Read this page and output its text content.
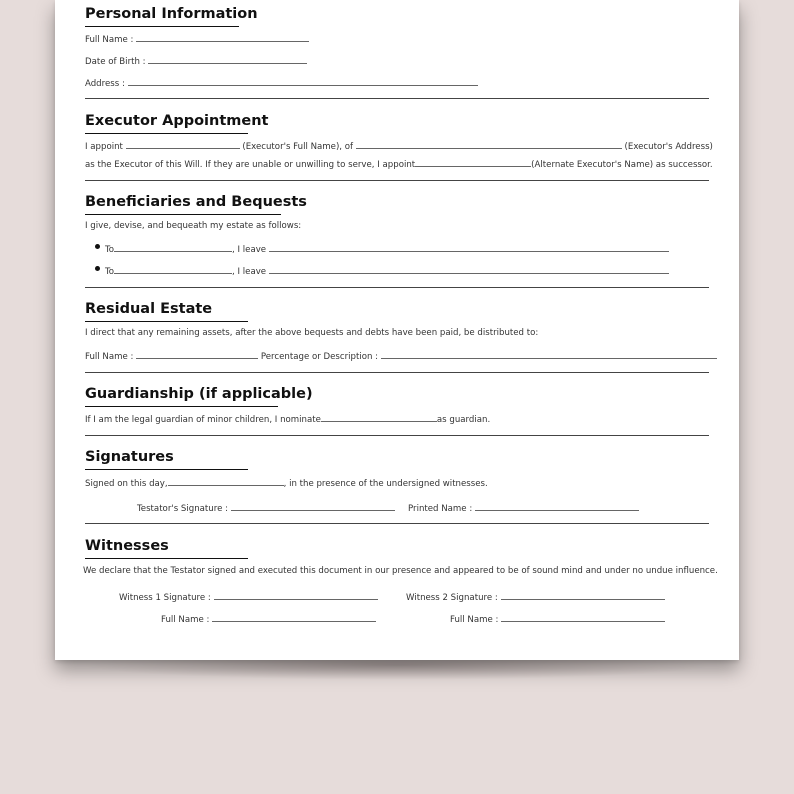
Personal Information
Full Name :
Date of Birth :
Address :
Executor Appointment
I appoint	(Executor's Full Name), of	(Executor's Address)
as the Executor of this Will. If they are unable or unwilling to serve, I appoint	(Alternate Executor's Name) as successor.
Beneficiaries and Bequests
I give, devise, and bequeath my estate as follows:
To	, I leave
To	, I leave
Residual Estate
I direct that any remaining assets, after the above bequests and debts have been paid, be distributed to:
Full Name :	Percentage or Description :
Guardianship (if applicable)
If I am the legal guardian of minor children, I nominate	as guardian.
Signatures
Signed on this day,	, in the presence of the undersigned witnesses.
Testator's Signature :	Printed Name :
Witnesses
We declare that the Testator signed and executed this document in our presence and appeared to be of sound mind and under no undue influence.
Witness 1 Signature :	Witness 2 Signature :
Full Name :	Full Name :
